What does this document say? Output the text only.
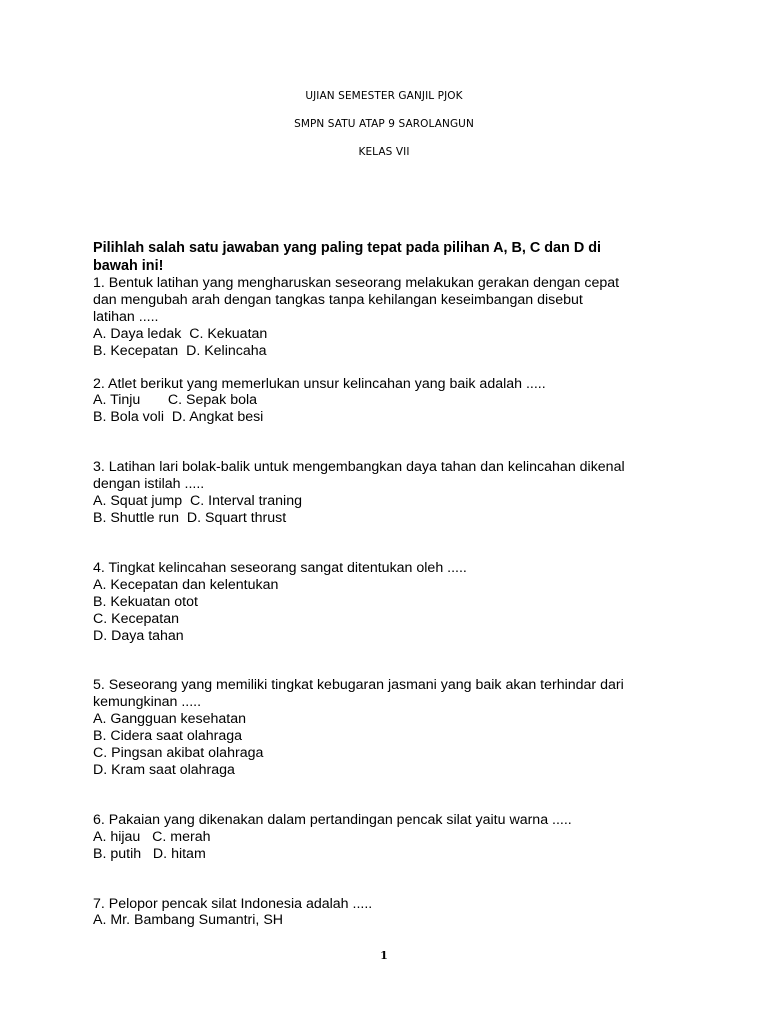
UJIAN SEMESTER GANJIL PJOK
SMPN SATU ATAP 9 SAROLANGUN
KELAS VII
Pilihlah salah satu jawaban yang paling tepat pada pilihan A, B, C dan D di
bawah ini!
1. Bentuk latihan yang mengharuskan seseorang melakukan gerakan dengan cepat
dan mengubah arah dengan tangkas tanpa kehilangan keseimbangan disebut
latihan .....
A. Daya ledak  C. Kekuatan
B. Kecepatan  D. Kelincaha
2. Atlet berikut yang memerlukan unsur kelincahan yang baik adalah .....
A. Tinju       C. Sepak bola
B. Bola voli  D. Angkat besi
3. Latihan lari bolak-balik untuk mengembangkan daya tahan dan kelincahan dikenal
dengan istilah .....
A. Squat jump  C. Interval traning
B. Shuttle run  D. Squart thrust
4. Tingkat kelincahan seseorang sangat ditentukan oleh .....
A. Kecepatan dan kelentukan
B. Kekuatan otot
C. Kecepatan
D. Daya tahan
5. Seseorang yang memiliki tingkat kebugaran jasmani yang baik akan terhindar dari
kemungkinan .....
A. Gangguan kesehatan
B. Cidera saat olahraga
C. Pingsan akibat olahraga
D. Kram saat olahraga
6. Pakaian yang dikenakan dalam pertandingan pencak silat yaitu warna .....
A. hijau   C. merah
B. putih   D. hitam
7. Pelopor pencak silat Indonesia adalah .....
A. Mr. Bambang Sumantri, SH
1
